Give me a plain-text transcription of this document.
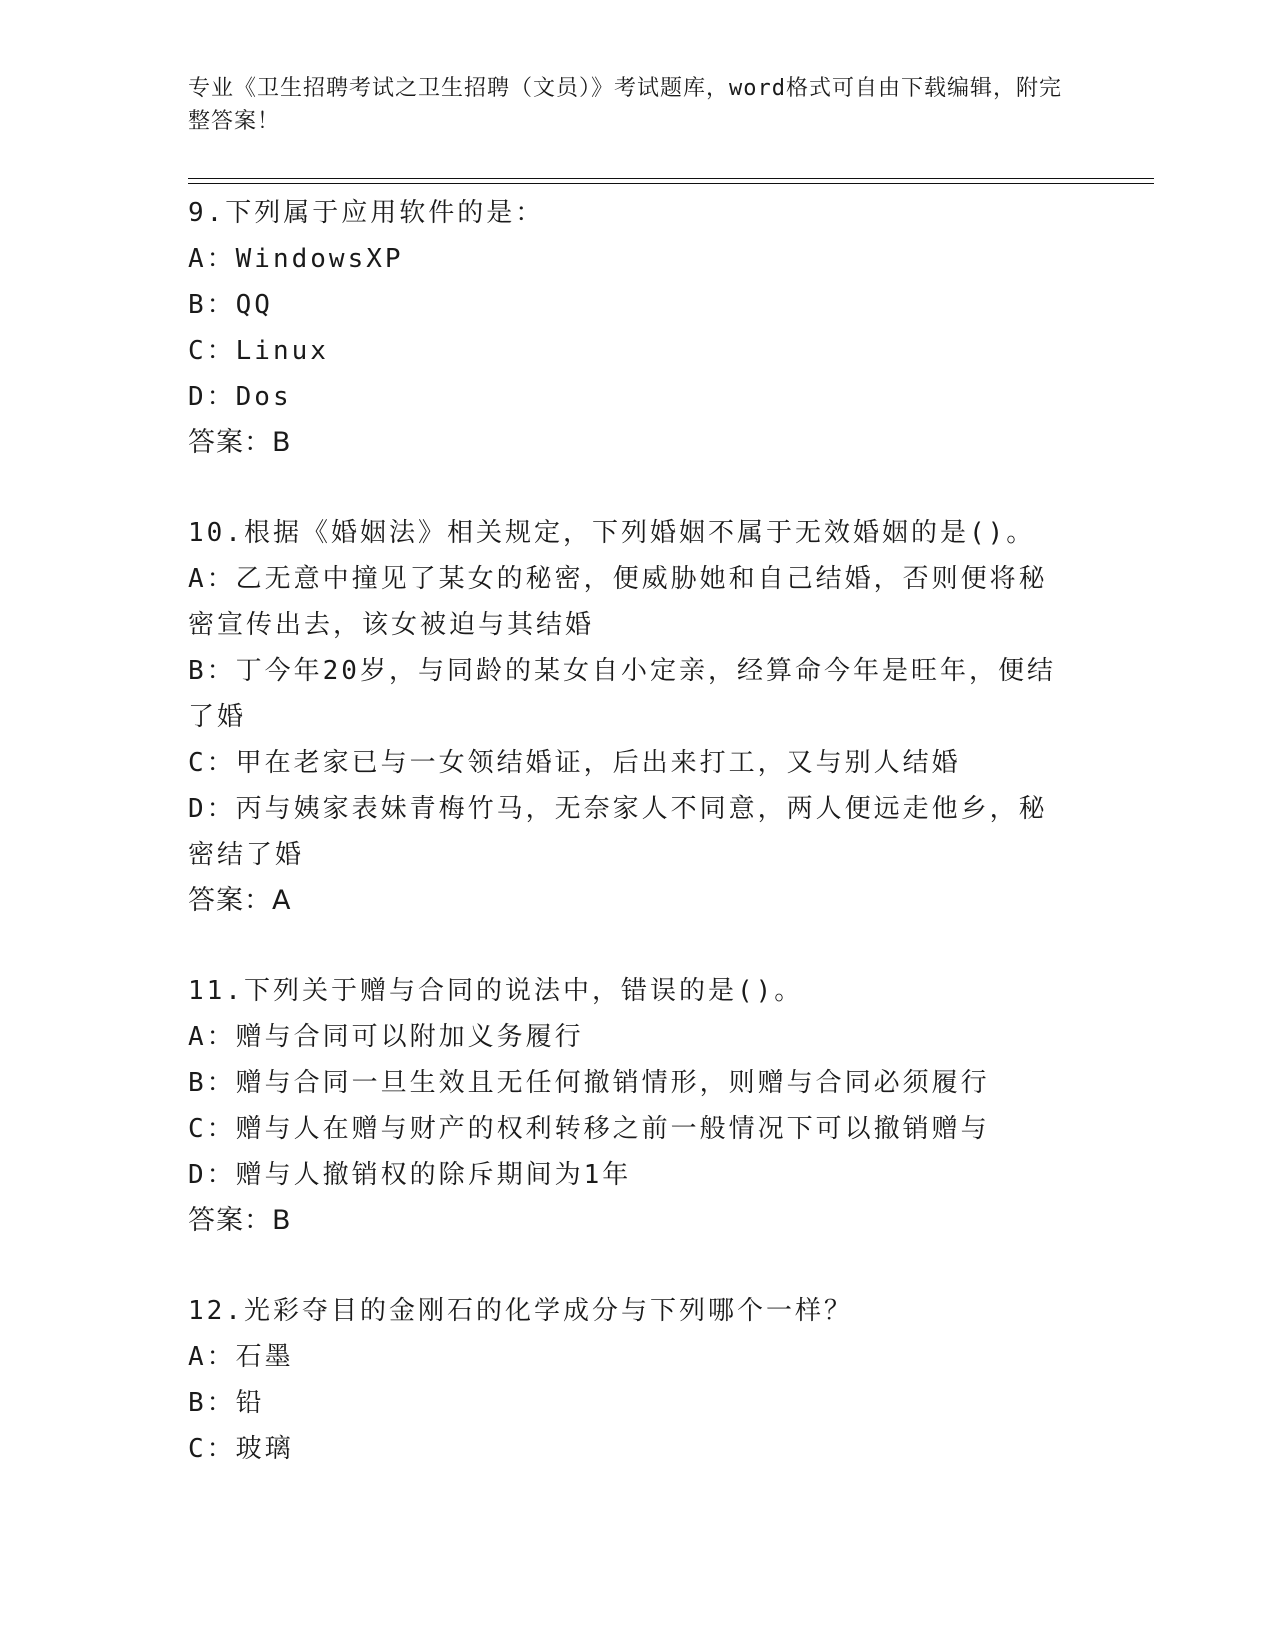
专业《卫生招聘考试之卫生招聘（文员）》考试题库，word格式可自由下载编辑，附完整答案！
9.下列属于应用软件的是：
A：WindowsXP
B：QQ
C：Linux
D：Dos
答案：B
10.根据《婚姻法》相关规定，下列婚姻不属于无效婚姻的是()。
A：乙无意中撞见了某女的秘密，便威胁她和自己结婚，否则便将秘密宣传出去，该女被迫与其结婚
B：丁今年20岁，与同龄的某女自小定亲，经算命今年是旺年，便结了婚
C：甲在老家已与一女领结婚证，后出来打工，又与别人结婚
D：丙与姨家表妹青梅竹马，无奈家人不同意，两人便远走他乡，秘密结了婚
答案：A
11.下列关于赠与合同的说法中，错误的是()。
A：赠与合同可以附加义务履行
B：赠与合同一旦生效且无任何撤销情形，则赠与合同必须履行
C：赠与人在赠与财产的权利转移之前一般情况下可以撤销赠与
D：赠与人撤销权的除斥期间为1年
答案：B
12.光彩夺目的金刚石的化学成分与下列哪个一样？
A：石墨
B：铅
C：玻璃
